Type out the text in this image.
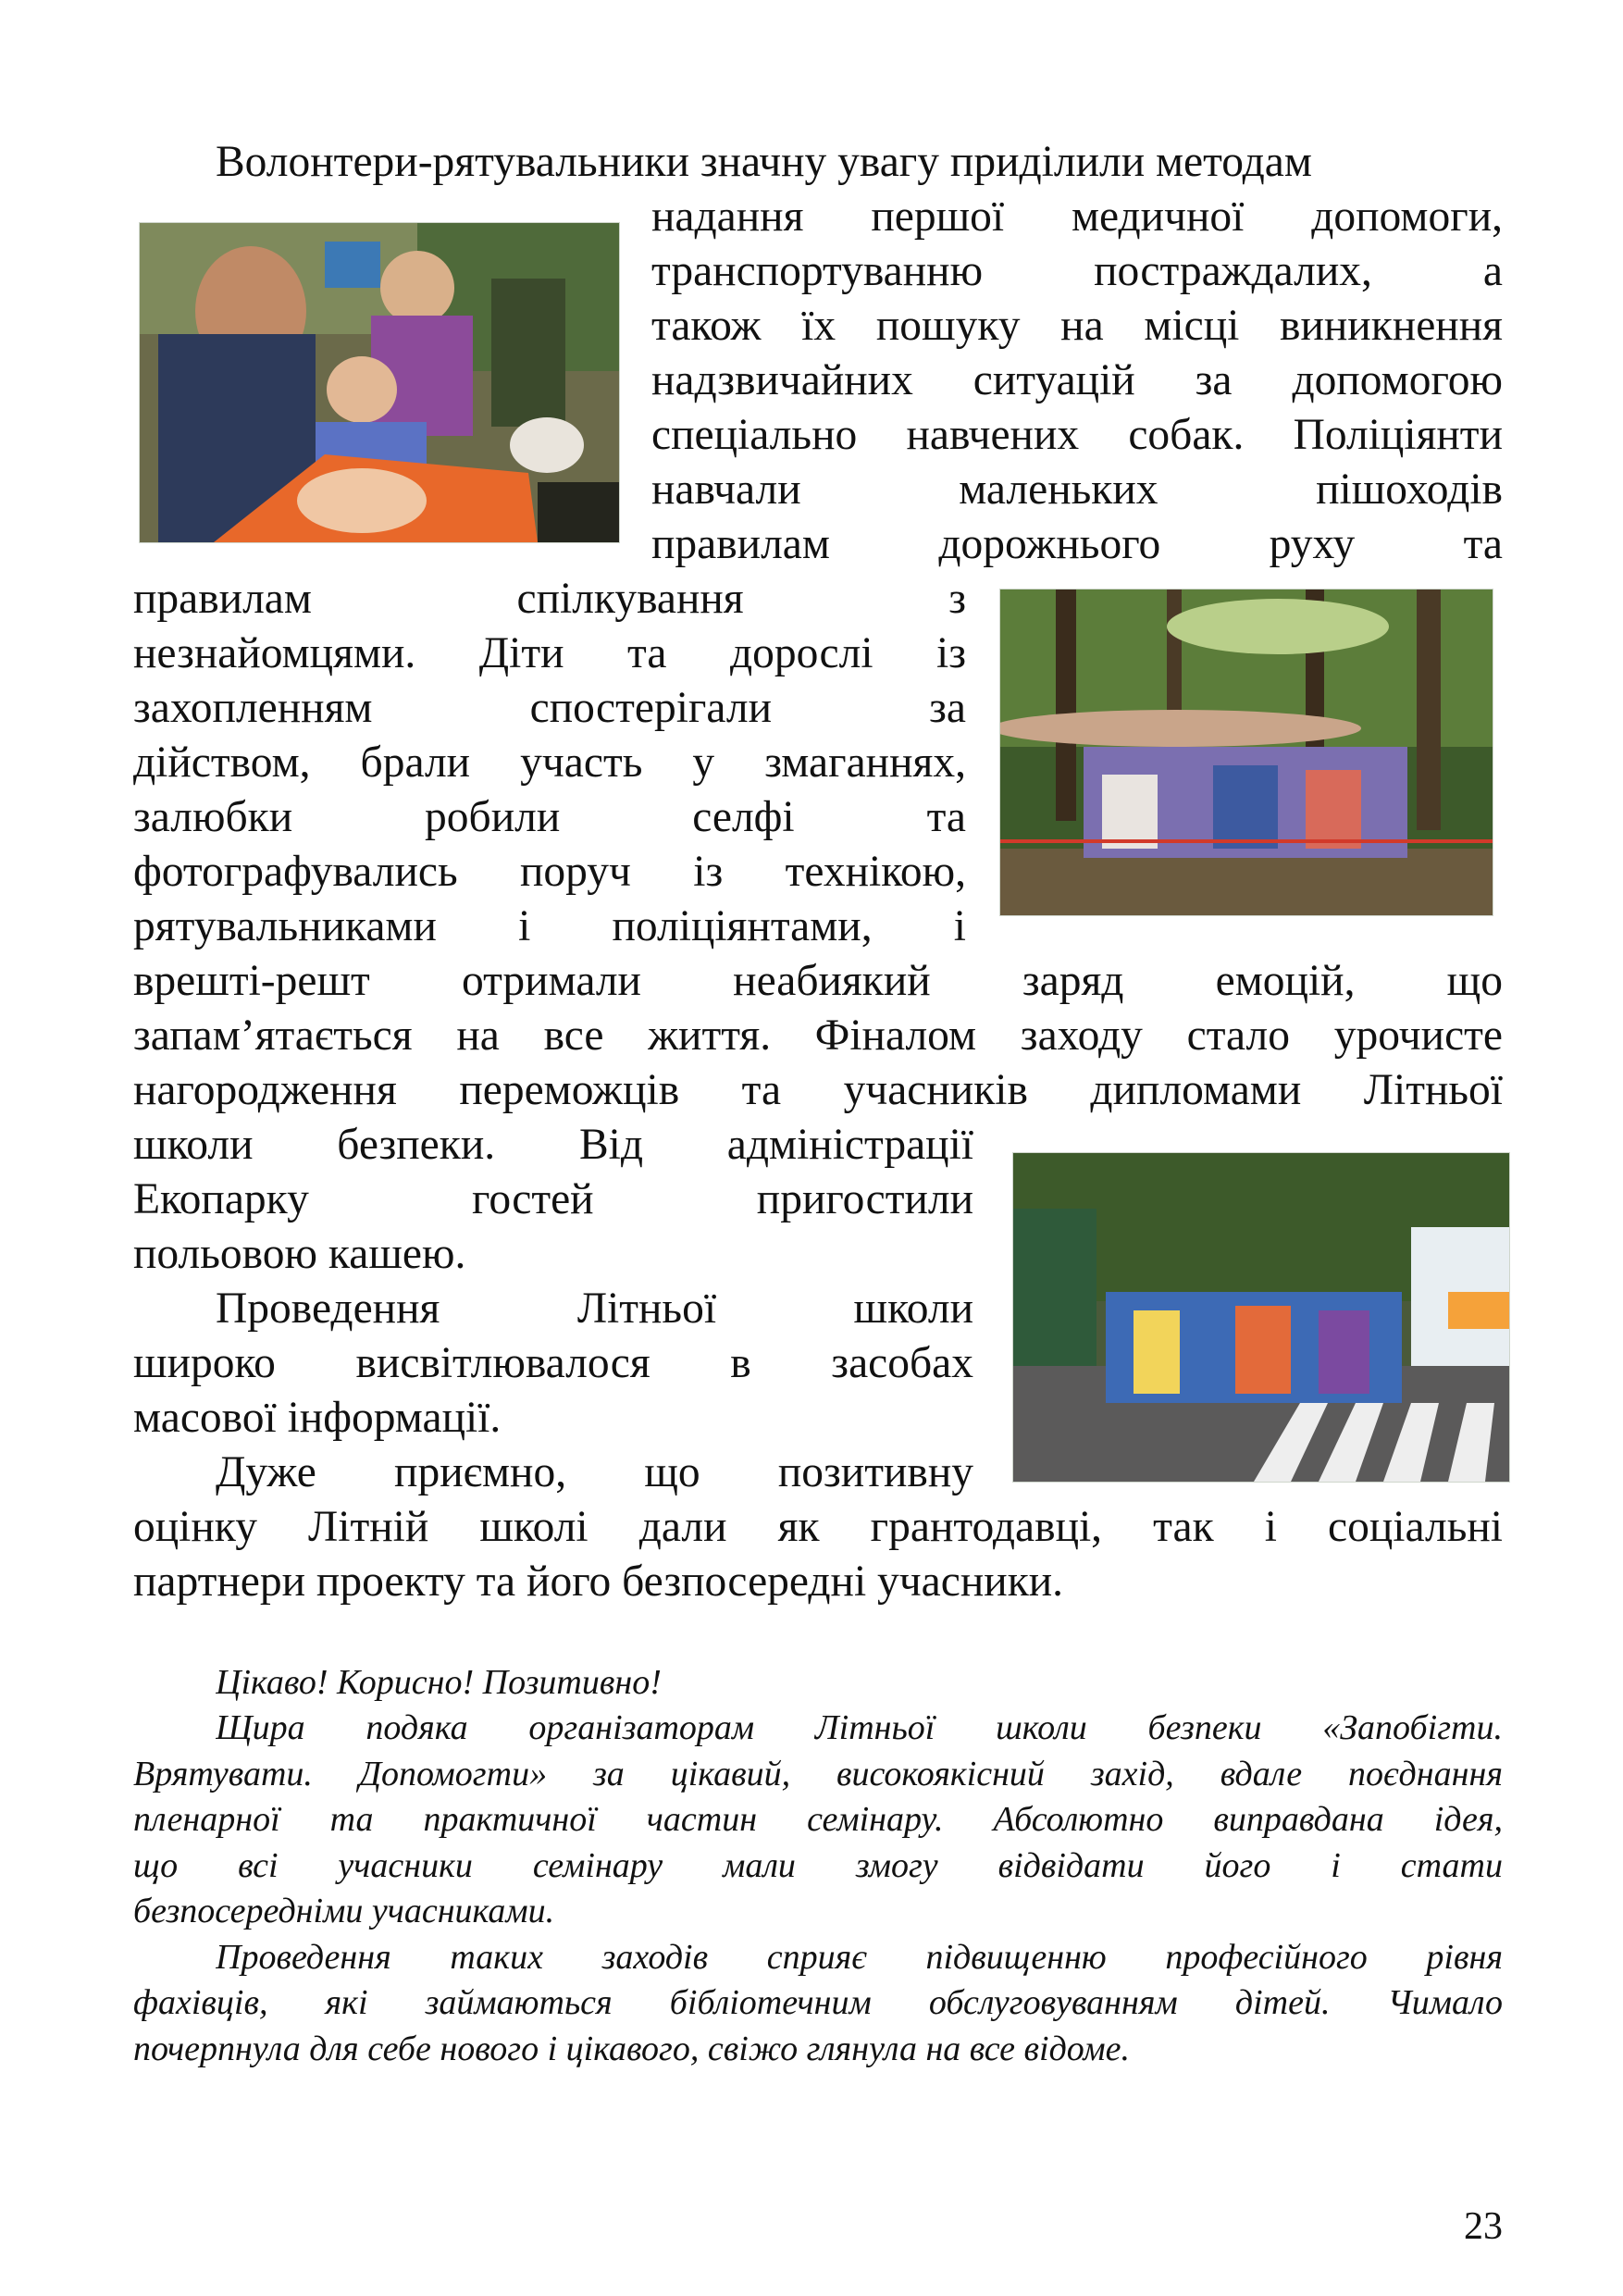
Волонтери-рятувальники значну увагу приділили методам
надання першої медичної допомоги,
транспортуванню постраждалих, а
також їх пошуку на місці виникнення
надзвичайних ситуацій за допомогою
спеціально навчених собак. Поліціянти
навчали маленьких пішоходів
правилам дорожнього руху та
правилам спілкування з
незнайомцями. Діти та дорослі із
захопленням спостерігали за
дійством, брали участь у змаганнях,
залюбки робили селфі та
фотографувались поруч із технікою,
рятувальниками і поліціянтами, і
врешті-решт отримали неабиякий заряд емоцій, що
запам’ятається на все життя. Фіналом заходу стало урочисте
нагородження переможців та учасників дипломами Літньої
школи безпеки. Від адміністрації
Екопарку гостей пригостили
польовою кашею.
Проведення Літньої школи
широко висвітлювалося в засобах
масової інформації.
Дуже приємно, що позитивну
оцінку Літній школі дали як грантодавці, так і соціальні
партнери проекту та його безпосередні учасники.
Цікаво! Корисно! Позитивно!
Щира подяка організаторам Літньої школи безпеки «Запобігти.
Врятувати. Допомогти» за цікавий, високоякісний захід, вдале поєднання
пленарної та практичної частин семінару. Абсолютно виправдана ідея,
що всі учасники семінару мали змогу відвідати його і стати
безпосередніми учасниками.
Проведення таких заходів сприяє підвищенню професійного рівня
фахівців, які займаються бібліотечним обслуговуванням дітей. Чимало
почерпнула для себе нового і цікавого, свіжо глянула на все відоме.
23
